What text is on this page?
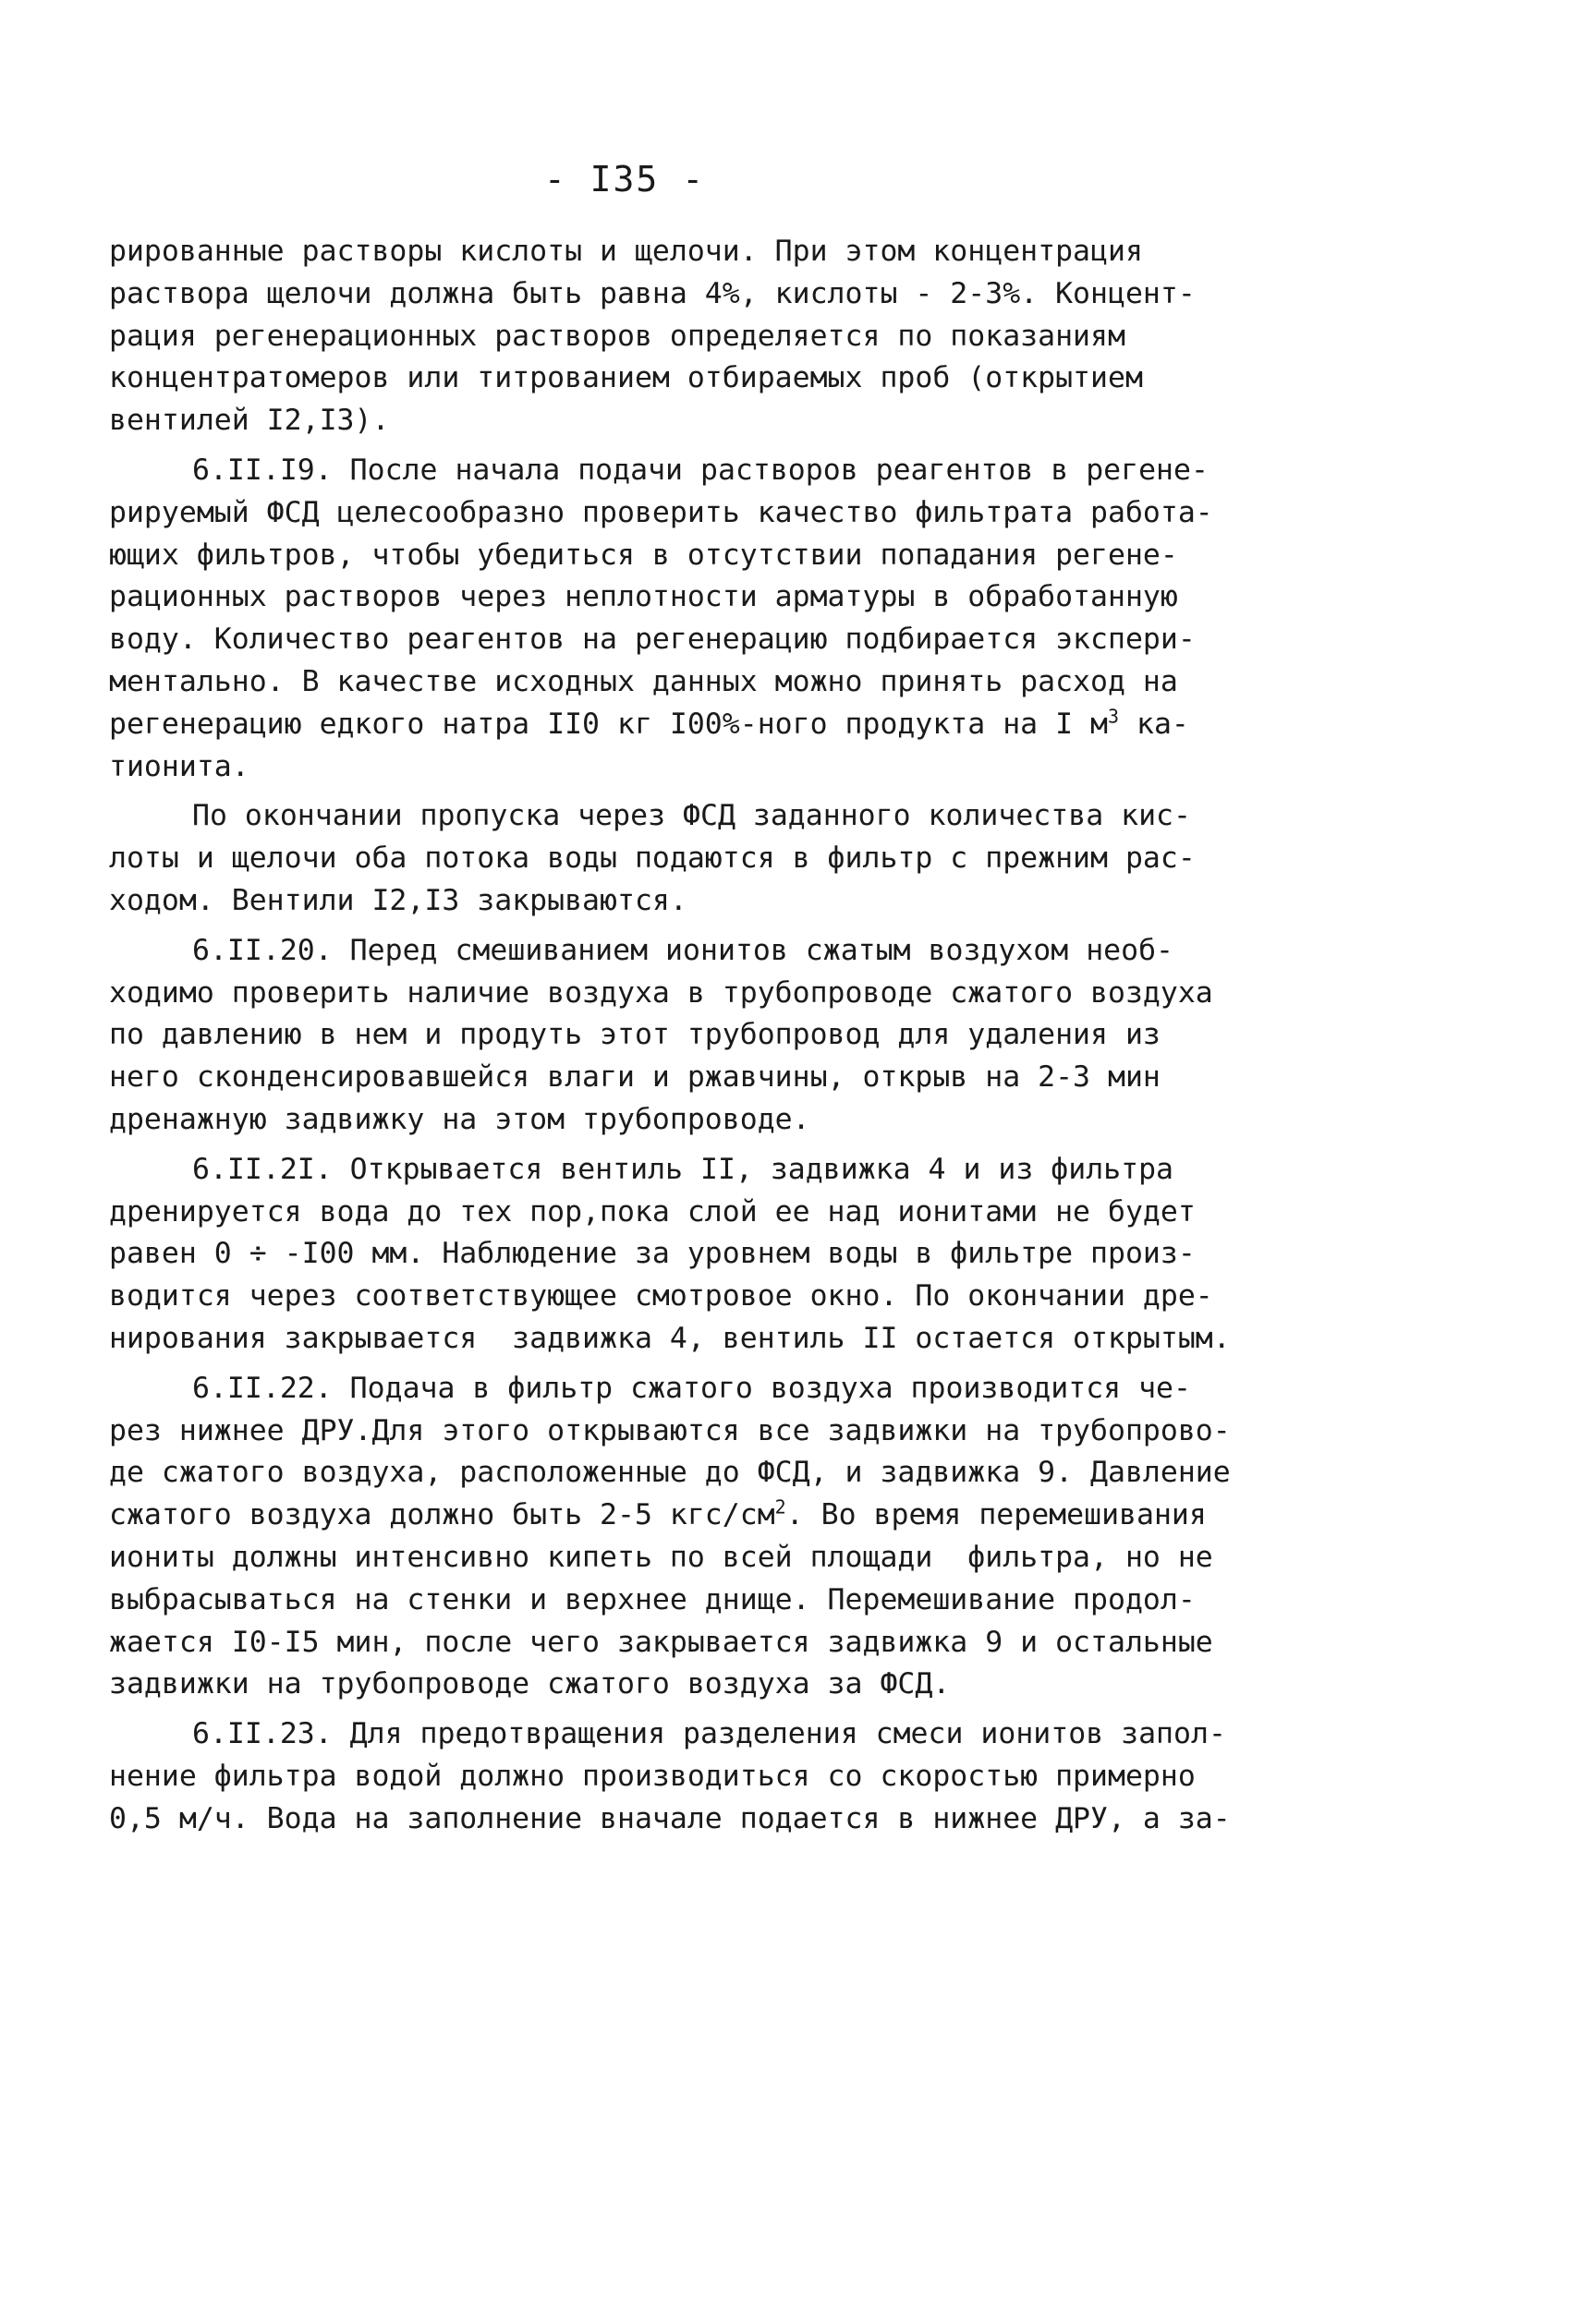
- I35 -
рированные растворы кислоты и щелочи. При этом концентрация
раствора щелочи должна быть равна 4%, кислоты - 2-3%. Концент-
рация регенерационных растворов определяется по показаниям
концентратомеров или титрованием отбираемых проб (открытием
вентилей I2,I3).
6.II.I9. После начала подачи растворов реагентов в регене-
рируемый ФСД целесообразно проверить качество фильтрата работа-
ющих фильтров, чтобы убедиться в отсутствии попадания регене-
рационных растворов через неплотности арматуры в обработанную
воду. Количество реагентов на регенерацию подбирается экспери-
ментально. В качестве исходных данных можно принять расход на
регенерацию едкого натра II0 кг I00%-ного продукта на I $м^3$ ка-
тионита.
По окончании пропуска через ФСД заданного количества кис-
лоты и щелочи оба потока воды подаются в фильтр с прежним рас-
ходом. Вентили I2,I3 закрываются.
6.II.20. Перед смешиванием ионитов сжатым воздухом необ-
ходимо проверить наличие воздуха в трубопроводе сжатого воздуха
по давлению в нем и продуть этот трубопровод для удаления из
него сконденсировавшейся влаги и ржавчины, открыв на 2-3 мин
дренажную задвижку на этом трубопроводе.
6.II.2I. Открывается вентиль II, задвижка 4 и из фильтра
дренируется вода до тех пор,пока слой ее над ионитами не будет
равен 0 ÷ -I00 мм. Наблюдение за уровнем воды в фильтре произ-
водится через соответствующее смотровое окно. По окончании дре-
нирования закрывается  задвижка 4, вентиль II остается открытым.
6.II.22. Подача в фильтр сжатого воздуха производится че-
рез нижнее ДРУ.Для этого открываются все задвижки на трубопрово-
де сжатого воздуха, расположенные до ФСД, и задвижка 9. Давление
сжатого воздуха должно быть 2-5 кгс/$см^2$. Во время перемешивания
иониты должны интенсивно кипеть по всей площади  фильтра, но не
выбрасываться на стенки и верхнее днище. Перемешивание продол-
жается I0-I5 мин, после чего закрывается задвижка 9 и остальные
задвижки на трубопроводе сжатого воздуха за ФСД.
6.II.23. Для предотвращения разделения смеси ионитов запол-
нение фильтра водой должно производиться со скоростью примерно
0,5 м/ч. Вода на заполнение вначале подается в нижнее ДРУ, а за-
